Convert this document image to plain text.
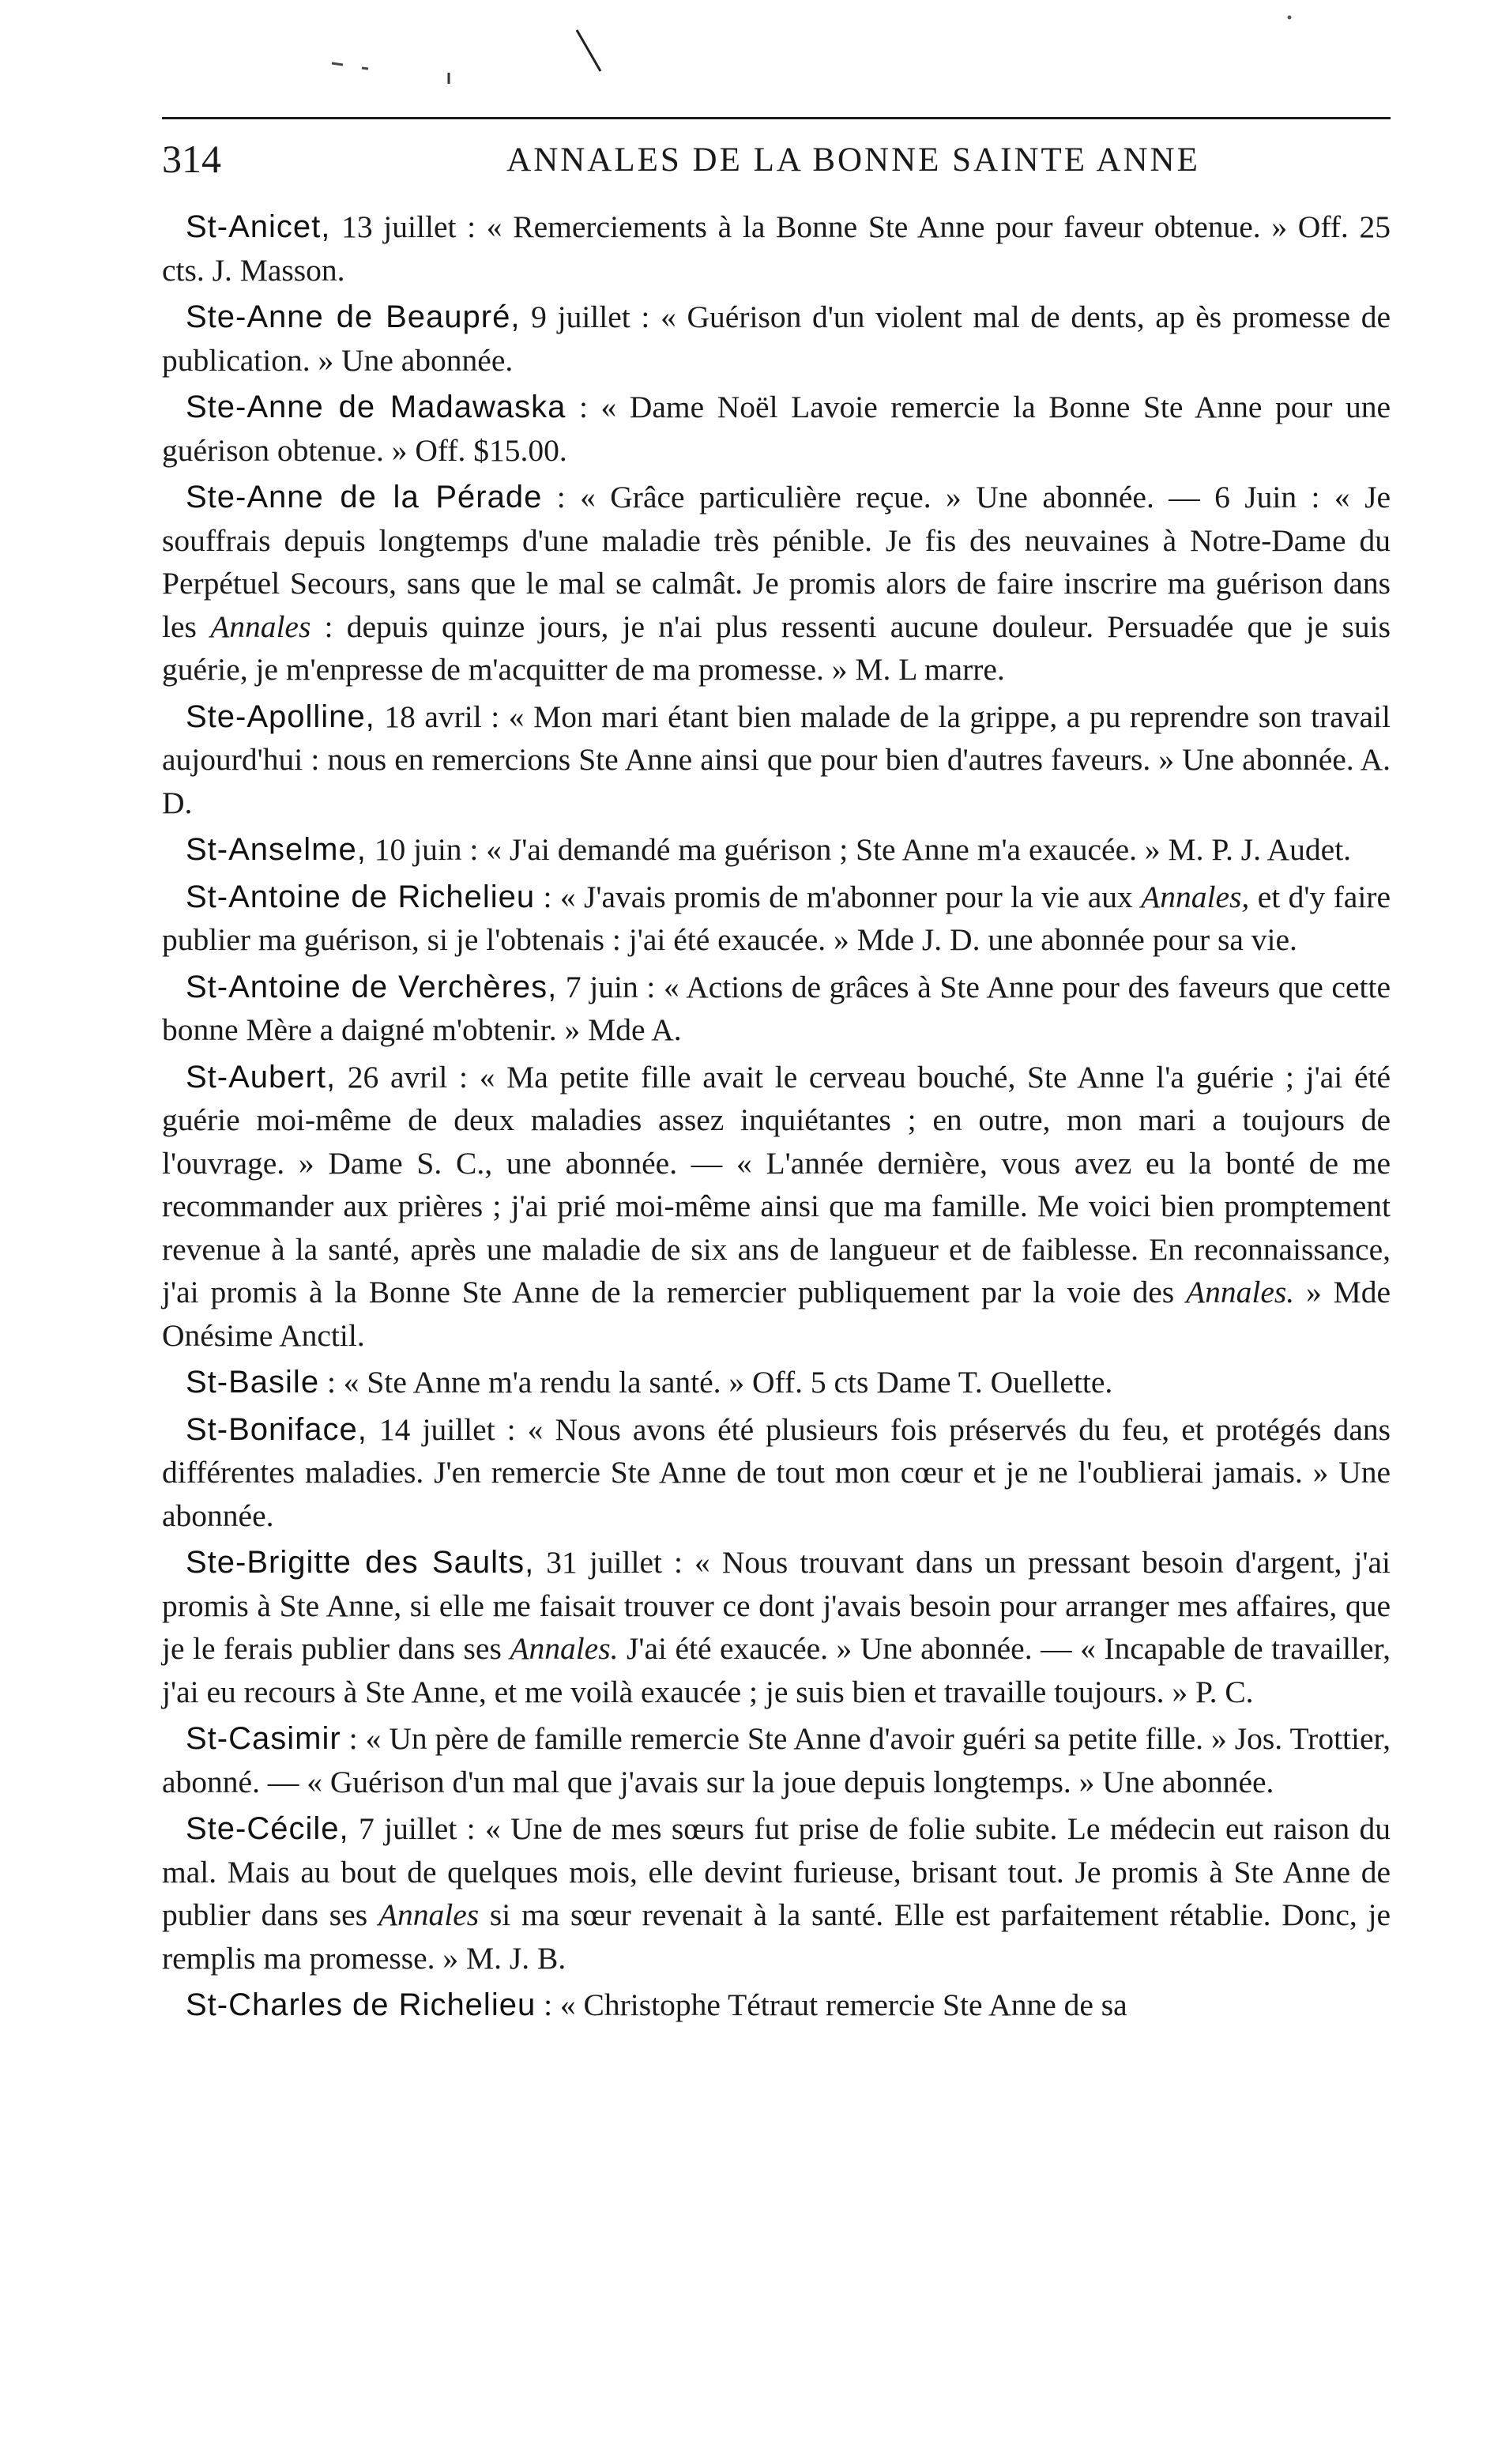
314	ANNALES DE LA BONNE SAINTE ANNE

St-Anicet, 13 juillet : « Remerciements à la Bonne Ste Anne pour faveur obtenue. » Off. 25 cts. J. Masson.

Ste-Anne de Beaupré, 9 juillet : « Guérison d'un violent mal de dents, ap ès promesse de publication. » Une abonnée.

Ste-Anne de Madawaska : « Dame Noël Lavoie remercie la Bonne Ste Anne pour une guérison obtenue. » Off. $15.00.

Ste-Anne de la Pérade : « Grâce particulière reçue. » Une abonnée. — 6 Juin : « Je souffrais depuis longtemps d'une maladie très pénible. Je fis des neuvaines à Notre-Dame du Perpétuel Secours, sans que le mal se calmât. Je promis alors de faire inscrire ma guérison dans les Annales : depuis quinze jours, je n'ai plus ressenti aucune douleur. Persuadée que je suis guérie, je m'enpresse de m'acquitter de ma promesse. » M. L marre.

Ste-Apolline, 18 avril : « Mon mari étant bien malade de la grippe, a pu reprendre son travail aujourd'hui : nous en remercions Ste Anne ainsi que pour bien d'autres faveurs. » Une abonnée. A. D.

St-Anselme, 10 juin : « J'ai demandé ma guérison ; Ste Anne m'a exaucée. » M. P. J. Audet.

St-Antoine de Richelieu : « J'avais promis de m'abonner pour la vie aux Annales, et d'y faire publier ma guérison, si je l'obtenais : j'ai été exaucée. » Mde J. D. une abonnée pour sa vie.

St-Antoine de Verchères, 7 juin : « Actions de grâces à Ste Anne pour des faveurs que cette bonne Mère a daigné m'obtenir. » Mde A.

St-Aubert, 26 avril : « Ma petite fille avait le cerveau bouché, Ste Anne l'a guérie ; j'ai été guérie moi-même de deux maladies assez inquiétantes ; en outre, mon mari a toujours de l'ouvrage. » Dame S. C., une abonnée. — « L'année dernière, vous avez eu la bonté de me recommander aux prières ; j'ai prié moi-même ainsi que ma famille. Me voici bien promptement revenue à la santé, après une maladie de six ans de langueur et de faiblesse. En reconnaissance, j'ai promis à la Bonne Ste Anne de la remercier publiquement par la voie des Annales. » Mde Onésime Anctil.

St-Basile : « Ste Anne m'a rendu la santé. » Off. 5 cts Dame T. Ouellette.

St-Boniface, 14 juillet : « Nous avons été plusieurs fois préservés du feu, et protégés dans différentes maladies. J'en remercie Ste Anne de tout mon cœur et je ne l'oublierai jamais. » Une abonnée.

Ste-Brigitte des Saults, 31 juillet : « Nous trouvant dans un pressant besoin d'argent, j'ai promis à Ste Anne, si elle me faisait trouver ce dont j'avais besoin pour arranger mes affaires, que je le ferais publier dans ses Annales. J'ai été exaucée. » Une abonnée. — « Incapable de travailler, j'ai eu recours à Ste Anne, et me voilà exaucée ; je suis bien et travaille toujours. » P. C.

St-Casimir : « Un père de famille remercie Ste Anne d'avoir guéri sa petite fille. » Jos. Trottier, abonné. — « Guérison d'un mal que j'avais sur la joue depuis longtemps. » Une abonnée.

Ste-Cécile, 7 juillet : « Une de mes sœurs fut prise de folie subite. Le médecin eut raison du mal. Mais au bout de quelques mois, elle devint furieuse, brisant tout. Je promis à Ste Anne de publier dans ses Annales si ma sœur revenait à la santé. Elle est parfaitement rétablie. Donc, je remplis ma promesse. » M. J. B.

St-Charles de Richelieu : « Christophe Tétraut remercie Ste Anne de sa
